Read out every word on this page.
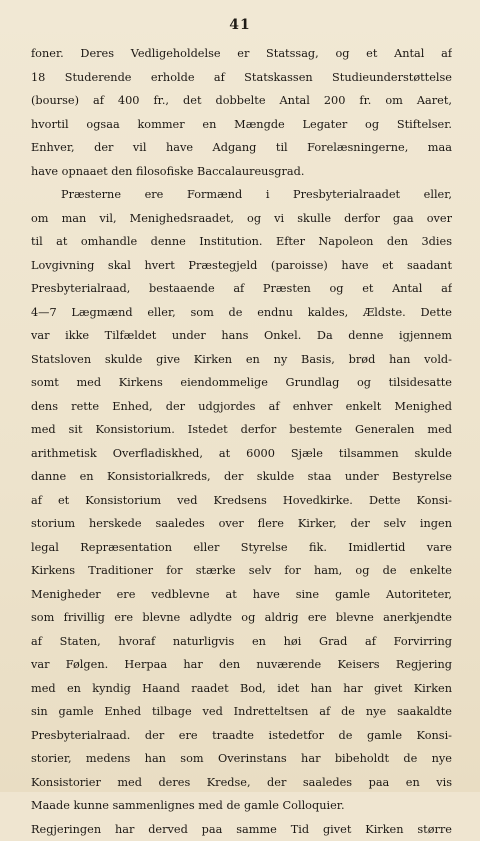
41
foner. Deres Vedligeholdelse er Statssag, og et Antal af
18 Studerende erholde af Statskassen Studieunderstøttelse
(bourse) af 400 fr., det dobbelte Antal 200 fr. om Aaret,
hvortil ogsaa kommer en Mængde Legater og Stiftelser.
Enhver, der vil have Adgang til Forelæsningerne, maa
have opnaaet den filosofiske Baccalaureusgrad.
Præsterne ere Formænd i Presbyterialraadet eller,
om man vil, Menighedsraadet, og vi skulle derfor gaa over
til at omhandle denne Institution. Efter Napoleon den 3dies
Lovgivning skal hvert Præstegjeld (paroisse) have et saadant
Presbyterialraad, bestaaende af Præsten og et Antal af
4—7 Lægmænd eller, som de endnu kaldes, Ældste. Dette
var ikke Tilfældet under hans Onkel. Da denne igjennem
Statsloven skulde give Kirken en ny Basis, brød han vold-
somt med Kirkens eiendommelige Grundlag og tilsidesatte
dens rette Enhed, der udgjordes af enhver enkelt Menighed
med sit Konsistorium. Istedet derfor bestemte Generalen med
arithmetisk Overfladiskhed, at 6000 Sjæle tilsammen skulde
danne en Konsistorialkreds, der skulde staa under Bestyrelse
af et Konsistorium ved Kredsens Hovedkirke. Dette Konsi-
storium herskede saaledes over flere Kirker, der selv ingen
legal Repræsentation eller Styrelse fik. Imidlertid vare
Kirkens Traditioner for stærke selv for ham, og de enkelte
Menigheder ere vedblevne at have sine gamle Autoriteter,
som frivillig ere blevne adlydte og aldrig ere blevne anerkjendte
af Staten, hvoraf naturligvis en høi Grad af Forvirring
var Følgen. Herpaa har den nuværende Keisers Regjering
med en kyndig Haand raadet Bod, idet han har givet Kirken
sin gamle Enhed tilbage ved Indretteltsen af de nye saakaldte
Presbyterialraad. der ere traadte istedetfor de gamle Konsi-
storier, medens han som Overinstans har bibeholdt de nye
Konsistorier med deres Kredse, der saaledes paa en vis
Maade kunne sammenlignes med de gamle Colloquier.
Regjeringen har derved paa samme Tid givet Kirken større
